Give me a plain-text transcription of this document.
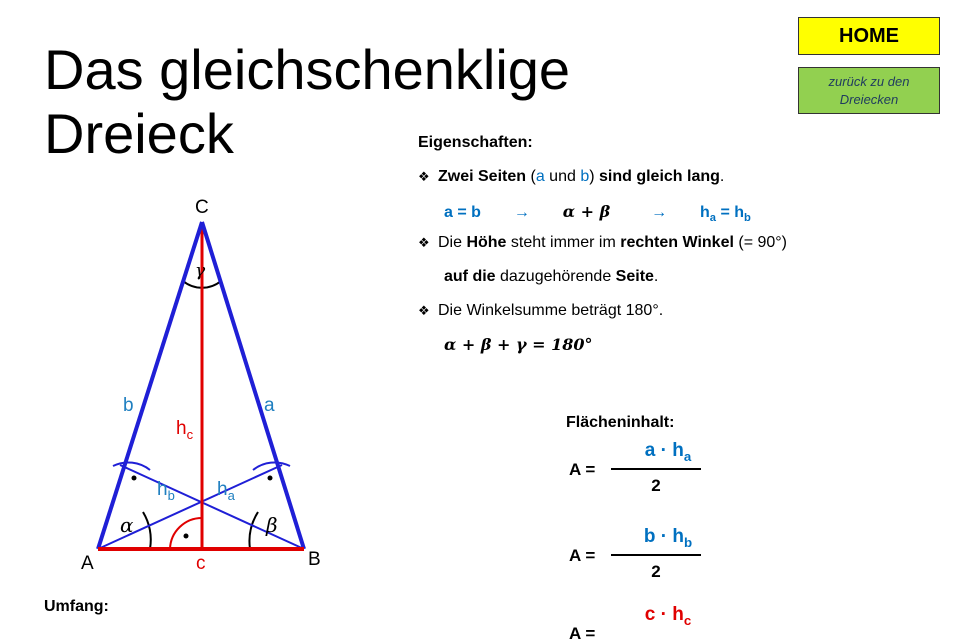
Das gleichschenklige
Dreieck
HOME
zurück zu den
Dreiecken
C
A	B
b	a
c
$h_c$
$h_b$ $h_a$
α	β
γ
Eigenschaften:
❖ Zwei Seiten (a und b) sind gleich lang.
a = b → α + β	→ $h_a = h_b$
❖ Die Höhe steht immer im rechten Winkel (= 90°)
auf die dazugehörende Seite.
❖ Die Winkelsumme beträgt 180°.
α + β + γ = 180°
Flächeninhalt:
$a \cdot h_a$
A =
2
$b \cdot h_b$
A =
2
$c \cdot h_c$
A =
Umfang:
